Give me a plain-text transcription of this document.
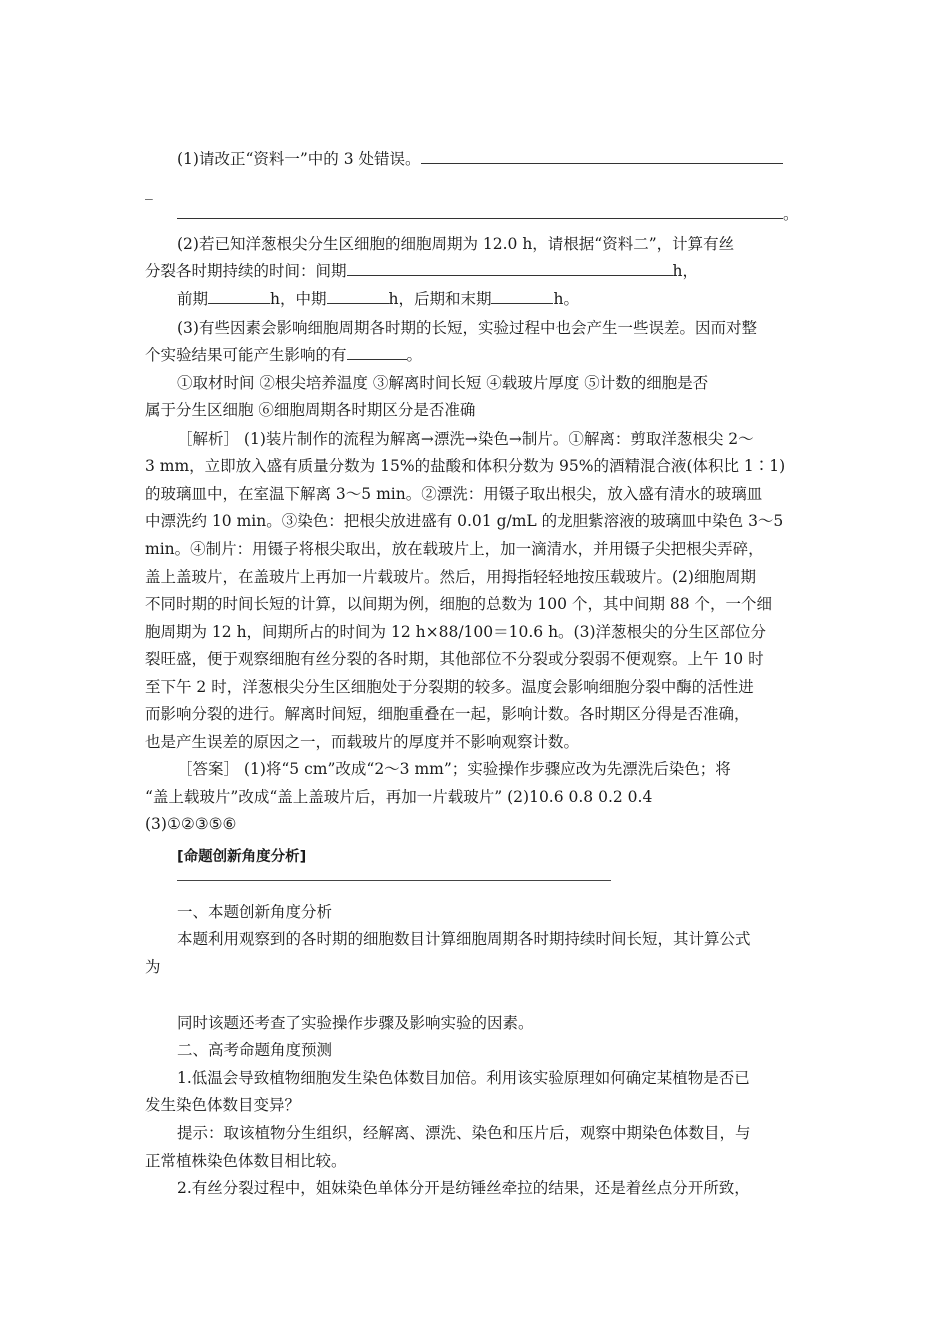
(1)请改正“资料一”中的 3 处错误。
_
。
(2)若已知洋葱根尖分生区细胞的细胞周期为 12.0 h，请根据“资料二”，计算有丝
分裂各时期持续的时间：间期	h，
前期	h，中期	h，后期和末期	h。
(3)有些因素会影响细胞周期各时期的长短，实验过程中也会产生一些误差。因而对整
个实验结果可能产生影响的有	。
①取材时间 ②根尖培养温度 ③解离时间长短 ④载玻片厚度 ⑤计数的细胞是否
属于分生区细胞 ⑥细胞周期各时期区分是否准确
［解析］ (1)装片制作的流程为解离→漂洗→染色→制片。①解离：剪取洋葱根尖 2～
3 mm，立即放入盛有质量分数为 15%的盐酸和体积分数为 95%的酒精混合液(体积比 1∶1)
的玻璃皿中，在室温下解离 3～5 min。②漂洗：用镊子取出根尖，放入盛有清水的玻璃皿
中漂洗约 10 min。③染色：把根尖放进盛有 0.01 g/mL 的龙胆紫溶液的玻璃皿中染色 3～5
min。④制片：用镊子将根尖取出，放在载玻片上，加一滴清水，并用镊子尖把根尖弄碎，
盖上盖玻片，在盖玻片上再加一片载玻片。然后，用拇指轻轻地按压载玻片。(2)细胞周期
不同时期的时间长短的计算，以间期为例，细胞的总数为 100 个，其中间期 88 个，一个细
胞周期为 12 h，间期所占的时间为 12 h×88/100＝10.6 h。(3)洋葱根尖的分生区部位分
裂旺盛，便于观察细胞有丝分裂的各时期，其他部位不分裂或分裂弱不便观察。上午 10 时
至下午 2 时，洋葱根尖分生区细胞处于分裂期的较多。温度会影响细胞分裂中酶的活性进
而影响分裂的进行。解离时间短，细胞重叠在一起，影响计数。各时期区分得是否准确，
也是产生误差的原因之一，而载玻片的厚度并不影响观察计数。
［答案］ (1)将“5 cm”改成“2～3 mm”；实验操作步骤应改为先漂洗后染色；将
“盖上载玻片”改成“盖上盖玻片后，再加一片载玻片” (2)10.6 0.8 0.2 0.4
(3)①②③⑤⑥
[命题创新角度分析]
一、本题创新角度分析
本题利用观察到的各时期的细胞数目计算细胞周期各时期持续时间长短，其计算公式
为
同时该题还考查了实验操作步骤及影响实验的因素。
二、高考命题角度预测
1.低温会导致植物细胞发生染色体数目加倍。利用该实验原理如何确定某植物是否已
发生染色体数目变异？
提示：取该植物分生组织，经解离、漂洗、染色和压片后，观察中期染色体数目，与
正常植株染色体数目相比较。
2.有丝分裂过程中，姐妹染色单体分开是纺锤丝牵拉的结果，还是着丝点分开所致，
